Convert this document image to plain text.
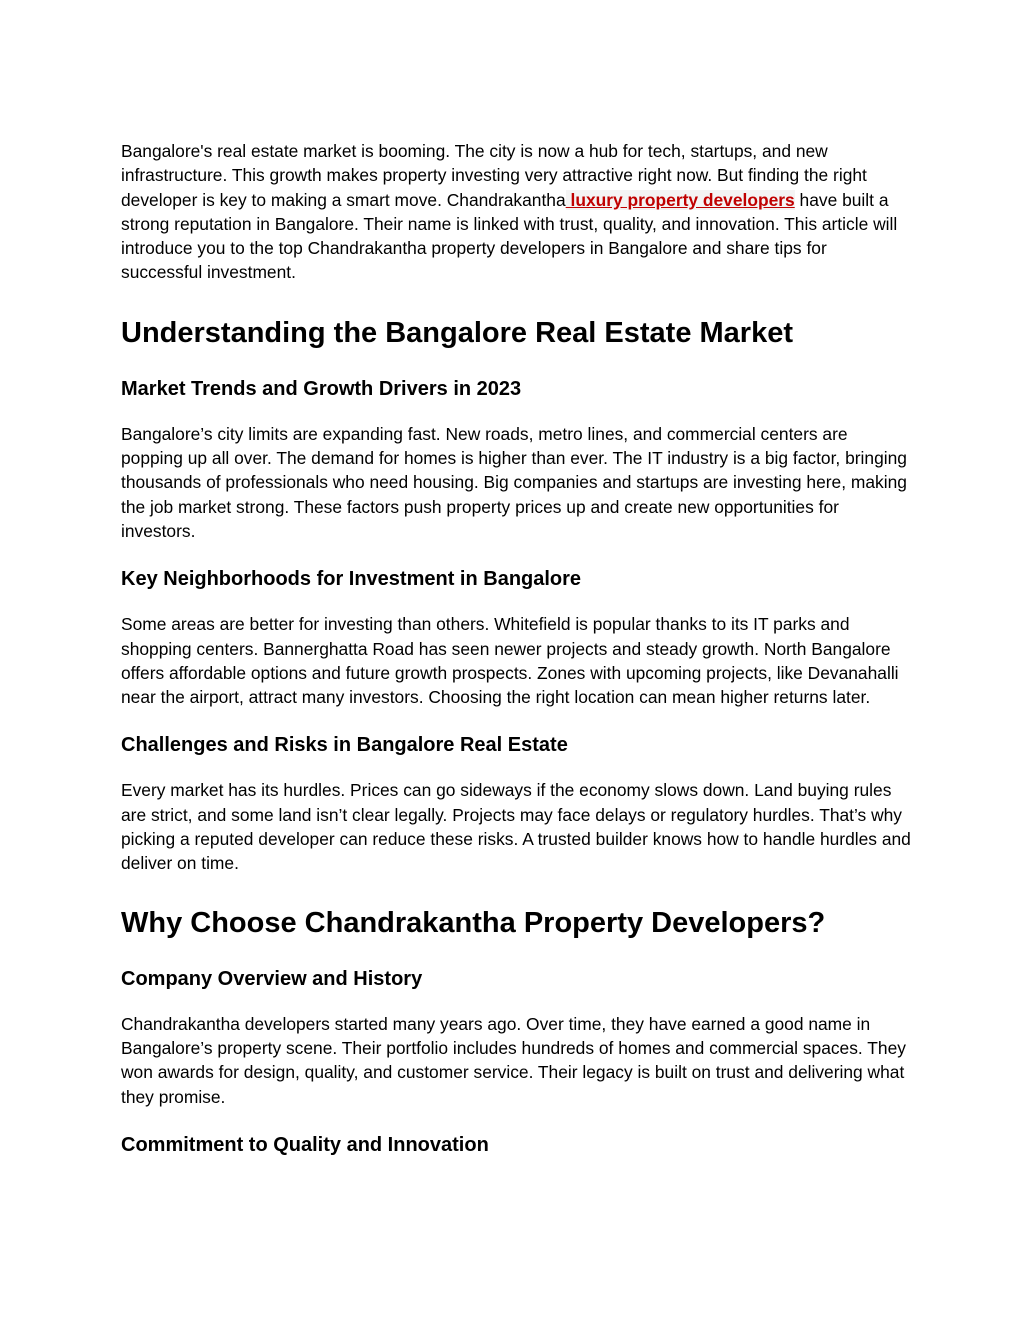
Bangalore's real estate market is booming. The city is now a hub for tech, startups, and new infrastructure. This growth makes property investing very attractive right now. But finding the right developer is key to making a smart move. Chandrakantha luxury property developers have built a strong reputation in Bangalore. Their name is linked with trust, quality, and innovation. This article will introduce you to the top Chandrakantha property developers in Bangalore and share tips for successful investment.

Understanding the Bangalore Real Estate Market
Market Trends and Growth Drivers in 2023

Bangalore’s city limits are expanding fast. New roads, metro lines, and commercial centers are popping up all over. The demand for homes is higher than ever. The IT industry is a big factor, bringing thousands of professionals who need housing. Big companies and startups are investing here, making the job market strong. These factors push property prices up and create new opportunities for investors.

Key Neighborhoods for Investment in Bangalore

Some areas are better for investing than others. Whitefield is popular thanks to its IT parks and shopping centers. Bannerghatta Road has seen newer projects and steady growth. North Bangalore offers affordable options and future growth prospects. Zones with upcoming projects, like Devanahalli near the airport, attract many investors. Choosing the right location can mean higher returns later.

Challenges and Risks in Bangalore Real Estate

Every market has its hurdles. Prices can go sideways if the economy slows down. Land buying rules are strict, and some land isn’t clear legally. Projects may face delays or regulatory hurdles. That’s why picking a reputed developer can reduce these risks. A trusted builder knows how to handle hurdles and deliver on time.

Why Choose Chandrakantha Property Developers?
Company Overview and History

Chandrakantha developers started many years ago. Over time, they have earned a good name in Bangalore’s property scene. Their portfolio includes hundreds of homes and commercial spaces. They won awards for design, quality, and customer service. Their legacy is built on trust and delivering what they promise.

Commitment to Quality and Innovation
